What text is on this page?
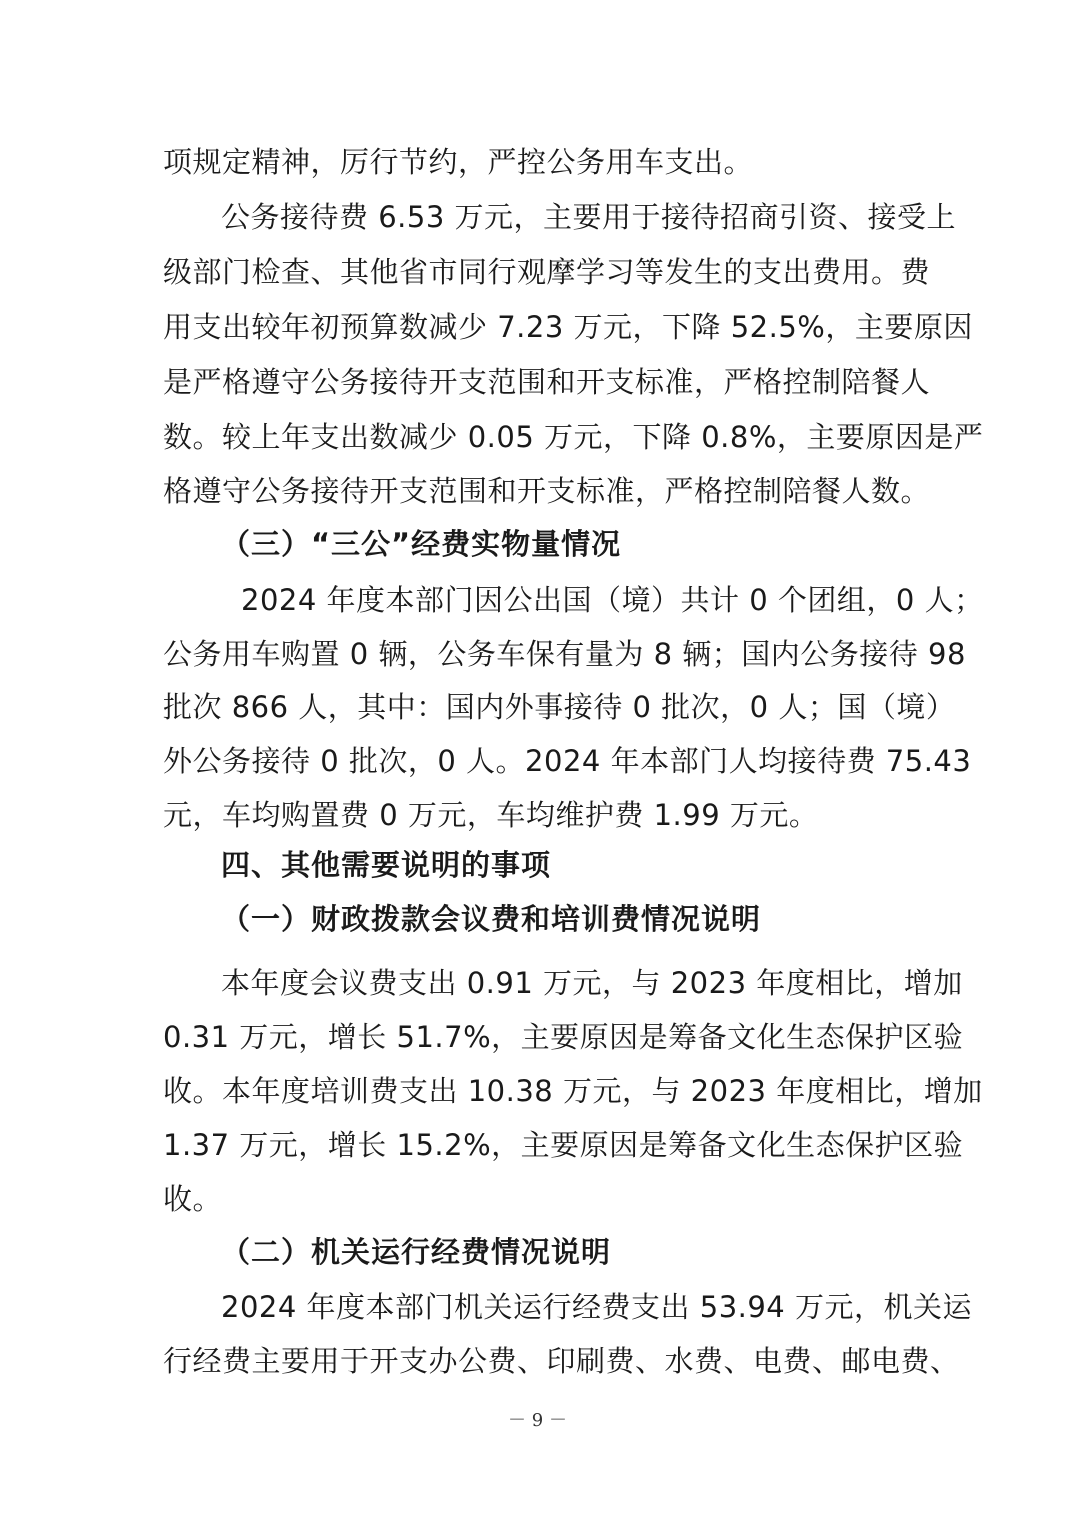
项规定精神，厉行节约，严控公务用车支出。
公务接待费 6.53 万元，主要用于接待招商引资、接受上
级部门检查、其他省市同行观摩学习等发生的支出费用。费
用支出较年初预算数减少 7.23 万元，下降 52.5%，主要原因
是严格遵守公务接待开支范围和开支标准，严格控制陪餐人
数。较上年支出数减少 0.05 万元，下降 0.8%，主要原因是严
格遵守公务接待开支范围和开支标准，严格控制陪餐人数。
（三）“三公”经费实物量情况
2024 年度本部门因公出国（境）共计 0 个团组，0 人；
公务用车购置 0 辆，公务车保有量为 8 辆；国内公务接待 98
批次 866 人，其中：国内外事接待 0 批次，0 人；国（境）
外公务接待 0 批次，0 人。2024 年本部门人均接待费 75.43
元，车均购置费 0 万元，车均维护费 1.99 万元。
四、其他需要说明的事项
（一）财政拨款会议费和培训费情况说明
本年度会议费支出 0.91 万元，与 2023 年度相比，增加
0.31 万元，增长 51.7%，主要原因是筹备文化生态保护区验
收。本年度培训费支出 10.38 万元，与 2023 年度相比，增加
1.37 万元，增长 15.2%，主要原因是筹备文化生态保护区验
收。
（二）机关运行经费情况说明
2024 年度本部门机关运行经费支出 53.94 万元，机关运
行经费主要用于开支办公费、印刷费、水费、电费、邮电费、
－ 9 －
